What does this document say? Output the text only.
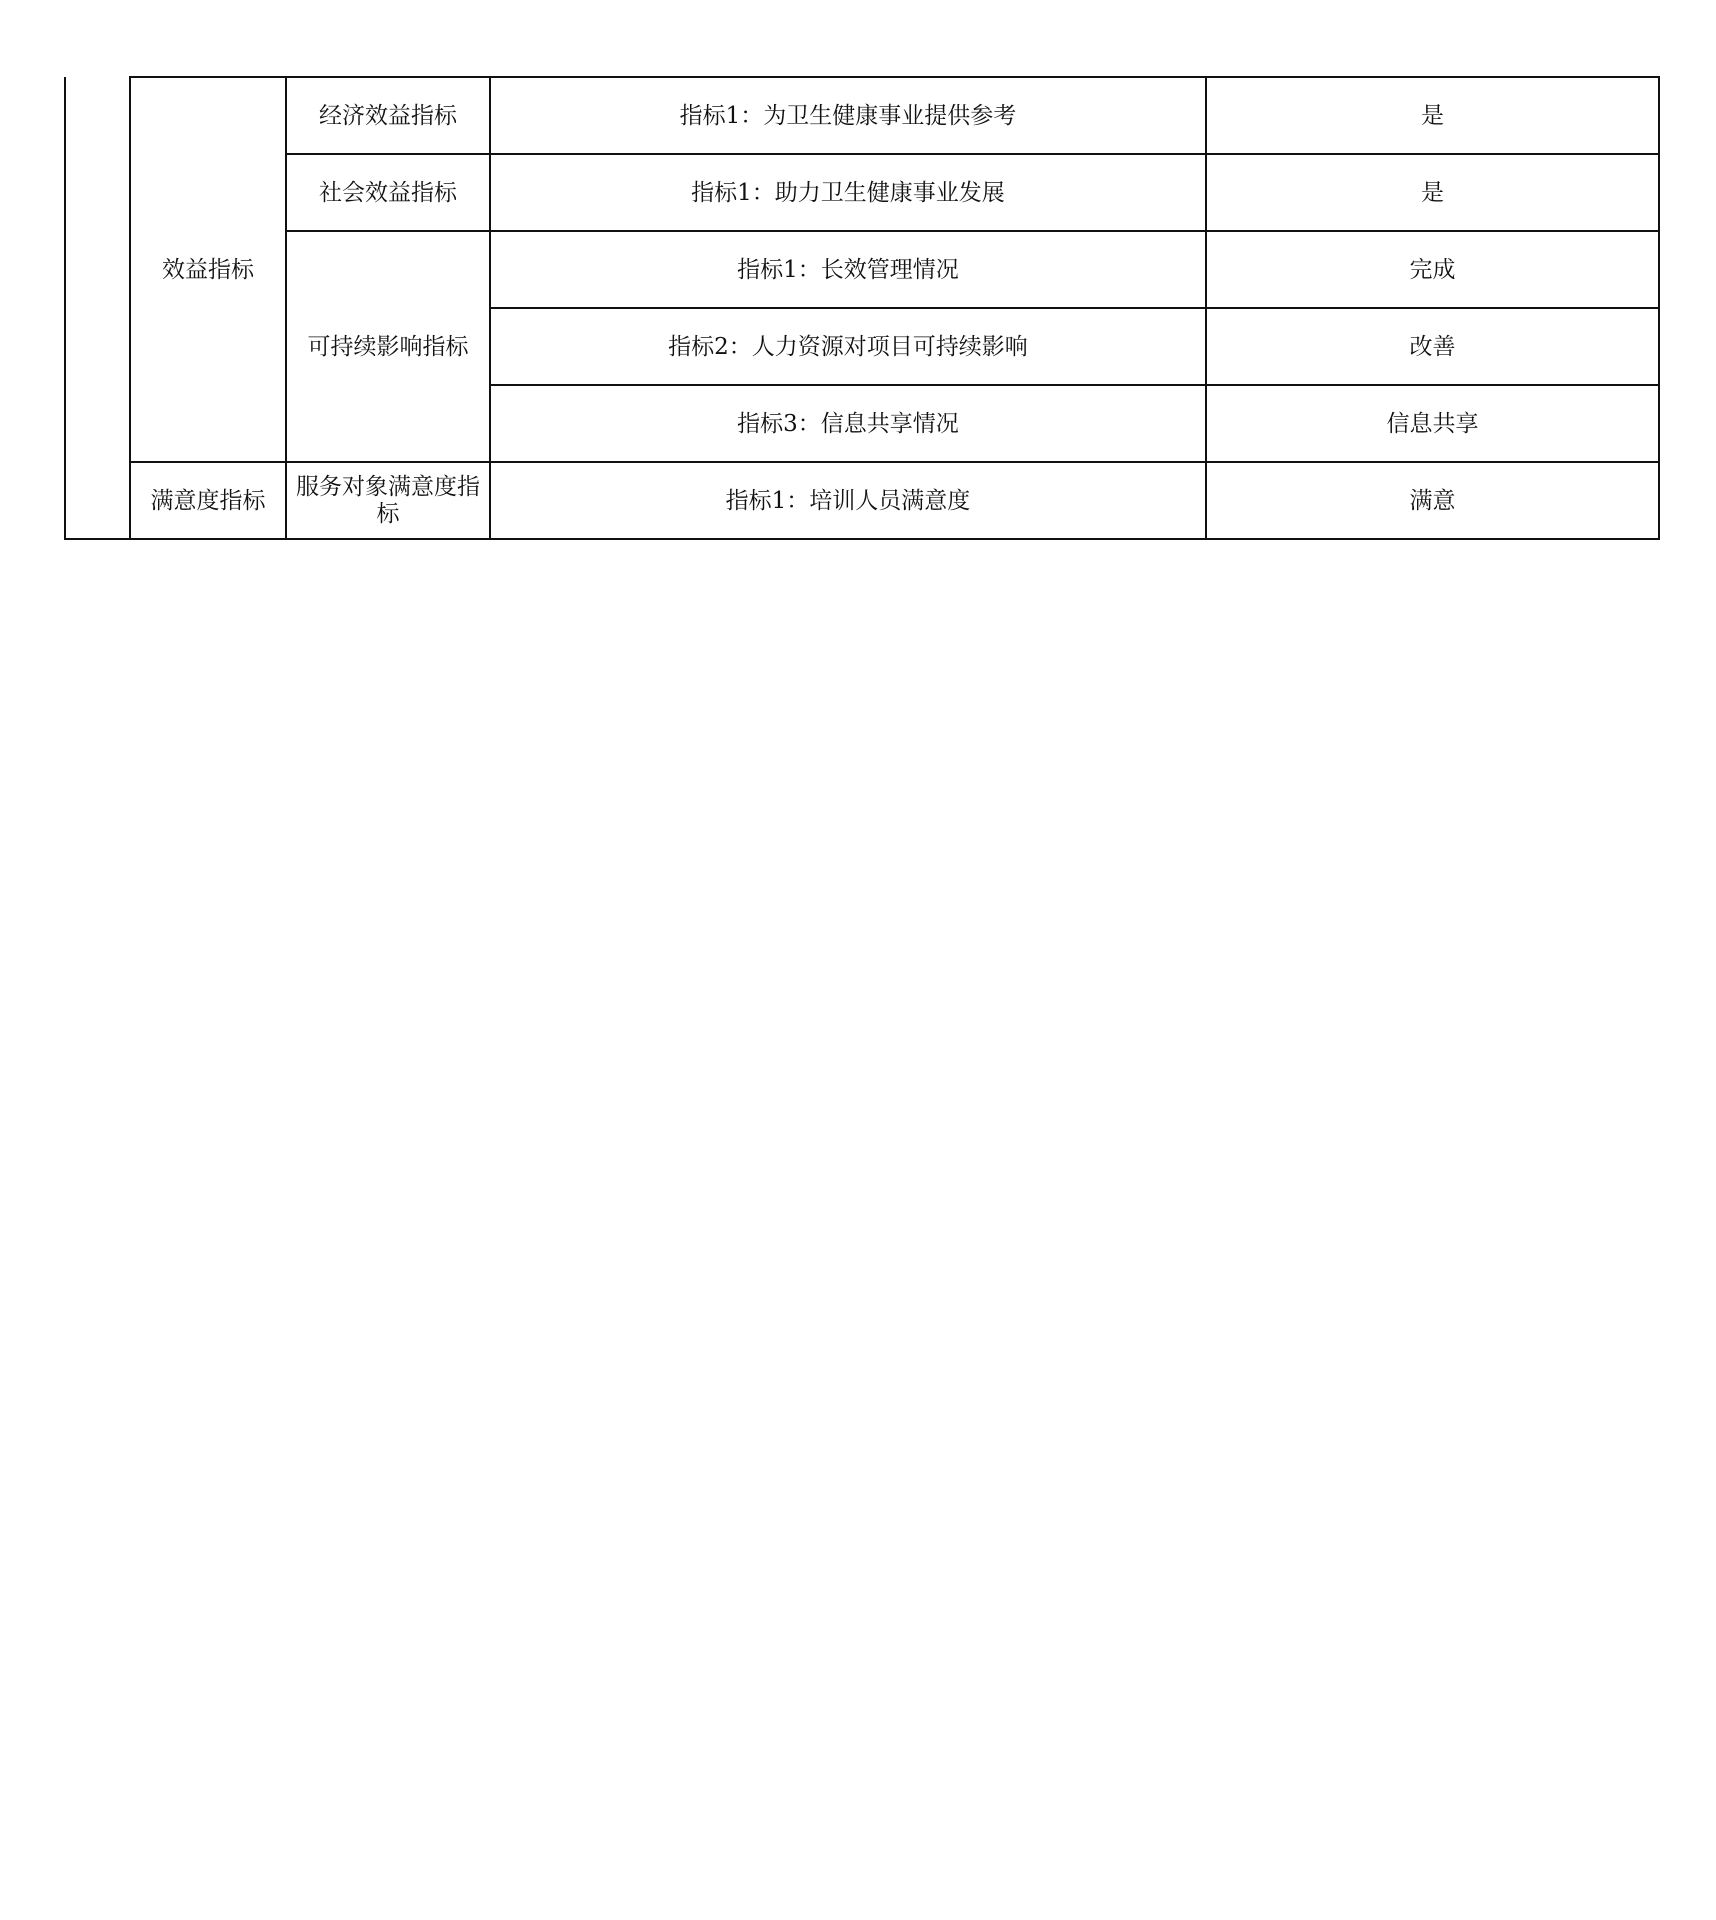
	效益指标	经济效益指标	指标1：为卫生健康事业提供参考	是
		社会效益指标	指标1：助力卫生健康事业发展	是
		可持续影响指标	指标1：长效管理情况	完成
			指标2：人力资源对项目可持续影响	改善
			指标3：信息共享情况	信息共享
	满意度指标	服务对象满意度指标	指标1：培训人员满意度	满意
